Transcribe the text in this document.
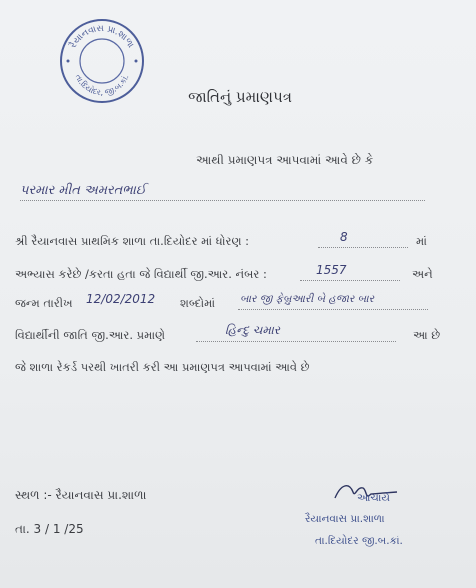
રૈયાનવાસ પ્રા.શાળા
તા.દિયોદર, જી.બ.કાં.
જાતિનું પ્રમાણપત્ર
આથી પ્રમાણપત્ર આપવામાં આવે છે કે
પરમાર મીત અમરતભાઈ
શ્રી રૈયાનવાસ પ્રાથમિક શાળા તા.દિયોદર માં ધોરણ :	8	માં
અભ્યાસ કરેછે /કરતા હતા જે વિદ્યાર્થી જી.આર. નંબર :	1557	અને
જન્મ તારીખ 12/02/2012 શબ્દોમાં બાર જી ફેબ્રુઆરી બે હજાર બાર
વિદ્યાર્થીની જાતિ જી.આર. પ્રમાણે	હિન્દુ ચમાર	આ છે
જે શાળા રેકર્ડ પરથી ખાતરી કરી આ પ્રમાણપત્ર આપવામાં આવે છે
સ્થળ :- રૈયાનવાસ પ્રા.શાળા
તા. 3 / 1 /25
આચાર્ય
રૈયાનવાસ પ્રા.શાળા
તા.દિયોદર જી.બ.કાં.
